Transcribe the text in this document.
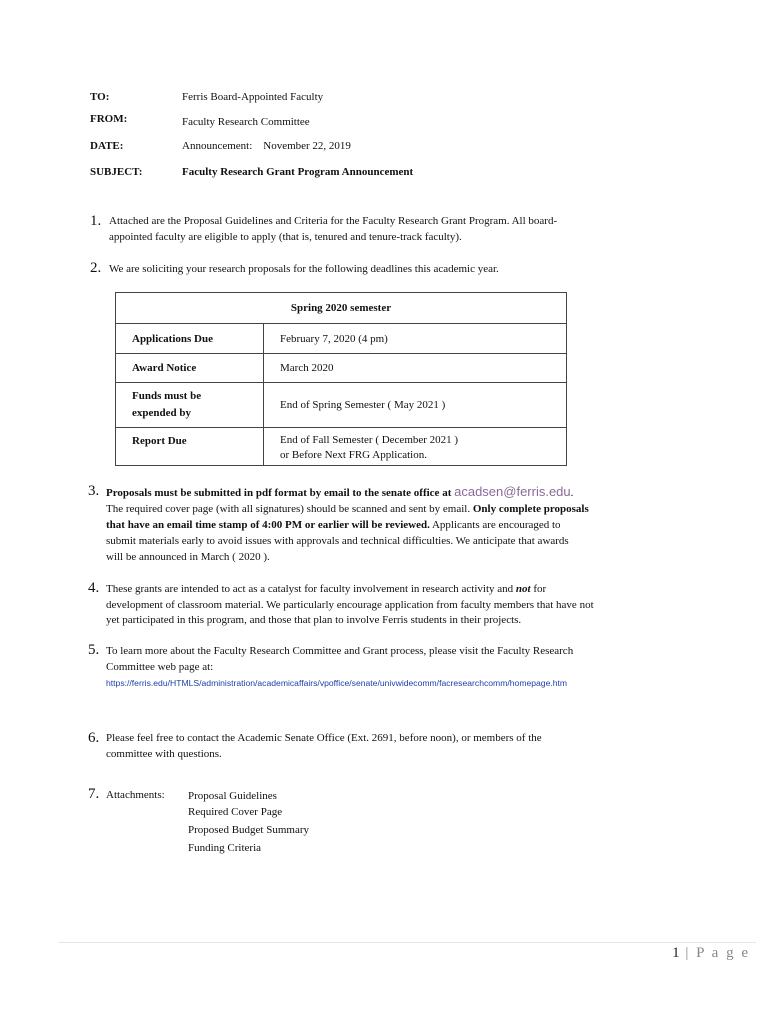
TO:	Ferris Board-Appointed Faculty
FROM:	Faculty Research Committee
DATE:	Announcement:    November 22, 2019
SUBJECT:	Faculty Research Grant Program Announcement
1. Attached are the Proposal Guidelines and Criteria for the Faculty Research Grant Program. All board-
appointed faculty are eligible to apply (that is, tenured and tenure-track faculty).
2. We are soliciting your research proposals for the following deadlines this academic year.
Spring 2020 semester	
Applications Due	February 7, 2020 (4 pm)
Award Notice	March 2020

Funds must be
expended by	End of Spring Semester ( May 2021 )
Report Due	End of Fall Semester ( December 2021 )
or Before Next FRG Application.
3. Proposals must be submitted in pdf format by email to the senate office at acadsen@ferris.edu.
The required cover page (with all signatures) should be scanned and sent by email. Only complete proposals
that have an email time stamp of 4:00 PM or earlier will be reviewed. Applicants are encouraged to
submit materials early to avoid issues with approvals and technical difficulties. We anticipate that awards
will be announced in March ( 2020 ).
4. These grants are intended to act as a catalyst for faculty involvement in research activity and not for
development of classroom material. We particularly encourage application from faculty members that have not
yet participated in this program, and those that plan to involve Ferris students in their projects.
5. To learn more about the Faculty Research Committee and Grant process, please visit the Faculty Research
Committee web page at:
https://ferris.edu/HTMLS/administration/academicaffairs/vpoffice/senate/univwidecomm/facresearchcomm/homepage.htm
6. Please feel free to contact the Academic Senate Office (Ext. 2691, before noon), or members of the
committee with questions.
7. Attachments: Proposal Guidelines
Required Cover Page
Proposed Budget Summary
Funding Criteria
1 | P a g e
